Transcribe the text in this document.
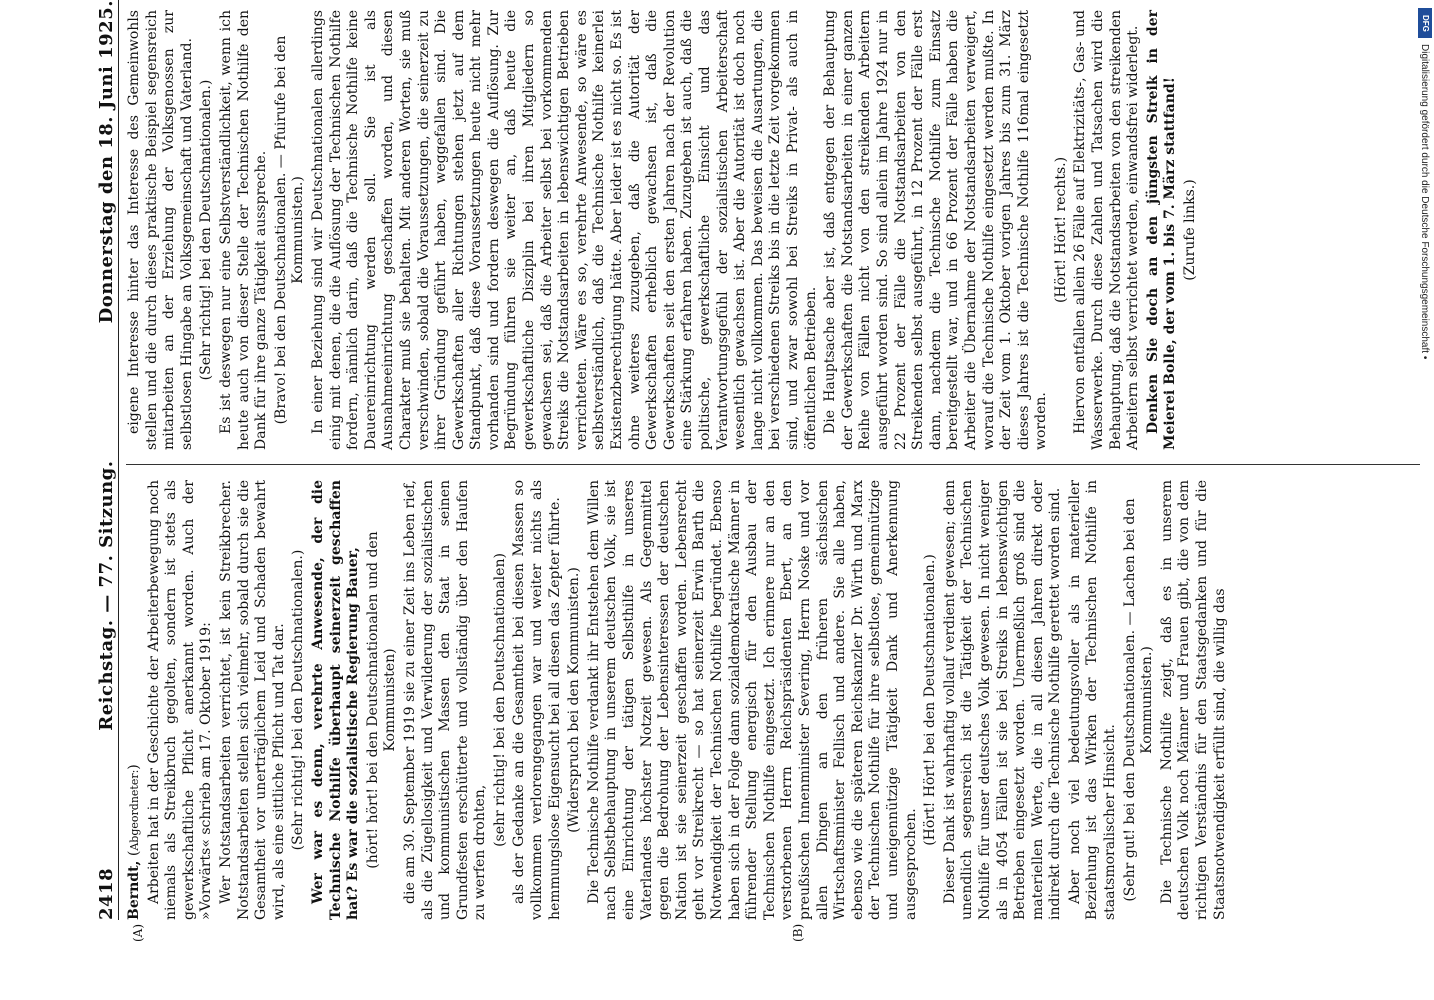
2418
Reichstag. — 77. Sitzung.
Donnerstag den 18. Juni 1925.

Berndt, (Abgeordneter:) Arbeiten hat in der Geschichte der Arbeiterbewegung noch niemals als Streikbruch gegolten, sondern ist stets als gewerkschaftliche Pflicht anerkannt worden. Auch der »Vorwärts« schrieb am 17. Oktober 1919: Wer Notstandsarbeiten verrichtet, ist kein Streikbrecher. Notstandsarbeiten stellen sich vielmehr, sobald durch sie die Gesamtheit vor unerträglichem Leid und Schaden bewahrt wird, als eine sittliche Pflicht und Tat dar. (Sehr richtig! bei den Deutschnationalen.) Wer war es denn, verehrte Anwesende, der die Technische Nothilfe überhaupt seinerzeit geschaffen hat? Es war die sozialistische Regierung Bauer, (hört! hört! bei den Deutschnationalen und den Kommunisten) die am 30. September 1919 sie zu einer Zeit ins Leben rief, als die Zügellosigkeit und Verwilderung der sozialistischen und kommunistischen Massen den Staat in seinen Grundfesten erschütterte und vollständig über den Haufen zu werfen drohten,

(sehr richtig! bei den Deutschnationalen) als der Gedanke an die Gesamtheit bei diesen Massen so vollkommen verlorengegangen war und weiter nichts als hemmungslose Eigensucht bei all diesen das Zepter führte. (Widerspruch bei den Kommunisten.) Die Technische Nothilfe verdankt ihr Entstehen dem Willen nach Selbstbehauptung in unserem deutschen Volk, sie ist eine Einrichtung der tätigen Selbsthilfe in unseres Vaterlandes höchster Notzeit gewesen. Als Gegenmittel gegen die Bedrohung der Lebensinteressen der deutschen Nation ist sie seinerzeit geschaffen worden. Lebensrecht geht vor Streikrecht — so hat seinerzeit Erwin Barth die Notwendigkeit der Technischen Nothilfe begründet. Ebenso haben sich in der Folge dann sozialdemokratische Männer in führender Stellung energisch für den Ausbau der Technischen Nothilfe eingesetzt. Ich erinnere nur an den verstorbenen Herrn Reichspräsidenten Ebert, an den preußischen Innenminister Severing, Herrn Noske und vor allen Dingen an den früheren sächsischen Wirtschaftsminister Fellisch und andere. Sie alle haben, ebenso wie die späteren Reichskanzler Dr. Wirth und Marx der Technischen Nothilfe für ihre selbstlose, gemeinnützige und uneigennützige Tätigkeit Dank und Anerkennung ausgesprochen.

(Hört! Hört! bei den Deutschnationalen.) Dieser Dank ist wahrhaftig vollauf verdient gewesen; denn unendlich segensreich ist die Tätigkeit der Technischen Nothilfe für unser deutsches Volk gewesen. In nicht weniger als in 4054 Fällen ist sie bei Streiks in lebenswichtigen Betrieben eingesetzt worden. Unermeßlich groß sind die materiellen Werte, die in all diesen Jahren direkt oder indirekt durch die Technische Nothilfe gerettet worden sind. Aber noch viel bedeutungsvoller als in materieller Beziehung ist das Wirken der Technischen Nothilfe in staatsmoralischer Hinsicht. (Sehr gut! bei den Deutschnationalen. — Lachen bei den Kommunisten.) Die Technische Nothilfe zeigt, daß es in unserem deutschen Volk noch Männer und Frauen gibt, die von dem richtigen Verständnis für den Staatsgedanken und für die Staatsnotwendigkeit erfüllt sind, die willig das

eigene Interesse hinter das Interesse des Gemeinwohls stellen und die durch dieses praktische Beispiel segensreich mitarbeiten an der Erziehung der Volksgenossen zur selbstlosen Hingabe an Volksgemeinschaft und Vaterland. (Sehr richtig! bei den Deutschnationalen.) Es ist deswegen nur eine Selbstverständlichkeit, wenn ich heute auch von dieser Stelle der Technischen Nothilfe den Dank für ihre ganze Tätigkeit ausspreche. (Bravo! bei den Deutschnationalen. — Pfuirufe bei den Kommunisten.) In einer Beziehung sind wir Deutschnationalen allerdings einig mit denen, die die Auflösung der Technischen Nothilfe fordern, nämlich darin, daß die Technische Nothilfe keine Dauereinrichtung werden soll. Sie ist als Ausnahmeeinrichtung geschaffen worden, und diesen Charakter muß sie behalten. Mit anderen Worten, sie muß verschwinden, sobald die Voraussetzungen, die seinerzeit zu ihrer Gründung geführt haben, weggefallen sind. Die Gewerkschaften aller Richtungen stehen jetzt auf dem Standpunkt, daß diese Voraussetzungen heute nicht mehr vorhanden sind und fordern deswegen die Auflösung. Zur Begründung führen sie weiter an, daß heute die gewerkschaftliche Disziplin bei ihren Mitgliedern so gewachsen sei, daß die Arbeiter selbst bei vorkommenden Streiks die Notstandsarbeiten in lebenswichtigen Betrieben verrichteten. Wäre es so, verehrte Anwesende, so wäre es selbstverständlich, daß die Technische Nothilfe keinerlei Existenzberechtigung hätte. Aber leider ist es nicht so. Es ist ohne weiteres zuzugeben, daß die Autorität der Gewerkschaften erheblich gewachsen ist, daß die Gewerkschaften seit den ersten Jahren nach der Revolution eine Stärkung erfahren haben. Zuzugeben ist auch, daß die politische, gewerkschaftliche Einsicht und das Verantwortungsgefühl der sozialistischen Arbeiterschaft wesentlich gewachsen ist. Aber die Autorität ist doch noch lange nicht vollkommen. Das beweisen die Ausartungen, die bei verschiedenen Streiks bis in die letzte Zeit vorgekommen sind, und zwar sowohl bei Streiks in Privat- als auch in öffentlichen Betrieben. Die Hauptsache aber ist, daß entgegen der Behauptung der Gewerkschaften die Notstandsarbeiten in einer ganzen Reihe von Fällen nicht von den streikenden Arbeitern ausgeführt worden sind. So sind allein im Jahre 1924 nur in 22 Prozent der Fälle die Notstandsarbeiten von den Streikenden selbst ausgeführt, in 12 Prozent der Fälle erst dann, nachdem die Technische Nothilfe zum Einsatz bereitgestellt war, und in 66 Prozent der Fälle haben die Arbeiter die Übernahme der Notstandsarbeiten verweigert, worauf die Technische Nothilfe eingesetzt werden mußte. In der Zeit vom 1. Oktober vorigen Jahres bis zum 31. März dieses Jahres ist die Technische Nothilfe 116mal eingesetzt worden.

(Hört! Hört! rechts.) Hiervon entfallen allein 26 Fälle auf Elektrizitäts-, Gas- und Wasserwerke. Durch diese Zahlen und Tatsachen wird die Behauptung, daß die Notstandsarbeiten von den streikenden Arbeitern selbst verrichtet werden, einwandsfrei widerlegt. Denken Sie doch an den jüngsten Streik in der Meierei Bolle, der vom 1. bis 7. März stattfand! (Zurufe links.)

(A)	(B)
DFG
Digitalisierung gefördert durch die Deutsche Forschungsgemeinschaft •
